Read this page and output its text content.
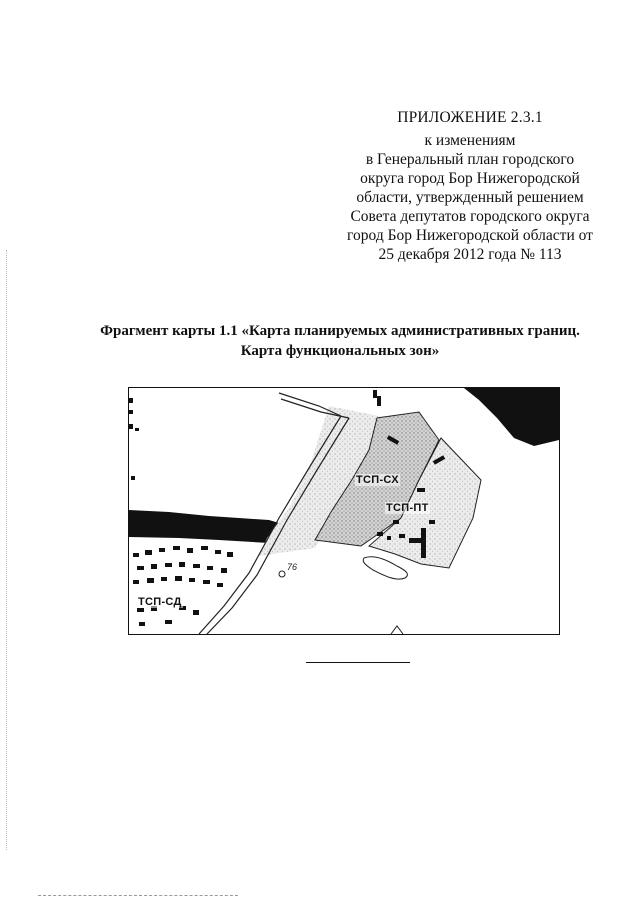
ПРИЛОЖЕНИЕ 2.3.1
к изменениям
в Генеральный план городского
округа город Бор Нижегородской
области, утвержденный решением
Совета депутатов городского округа
город Бор Нижегородской области от
25 декабря 2012 года № 113
Фрагмент карты 1.1 «Карта планируемых административных границ.
Карта функциональных зон»
ТСП-СХ
ТСП-ПТ
ТСП-СД
76
